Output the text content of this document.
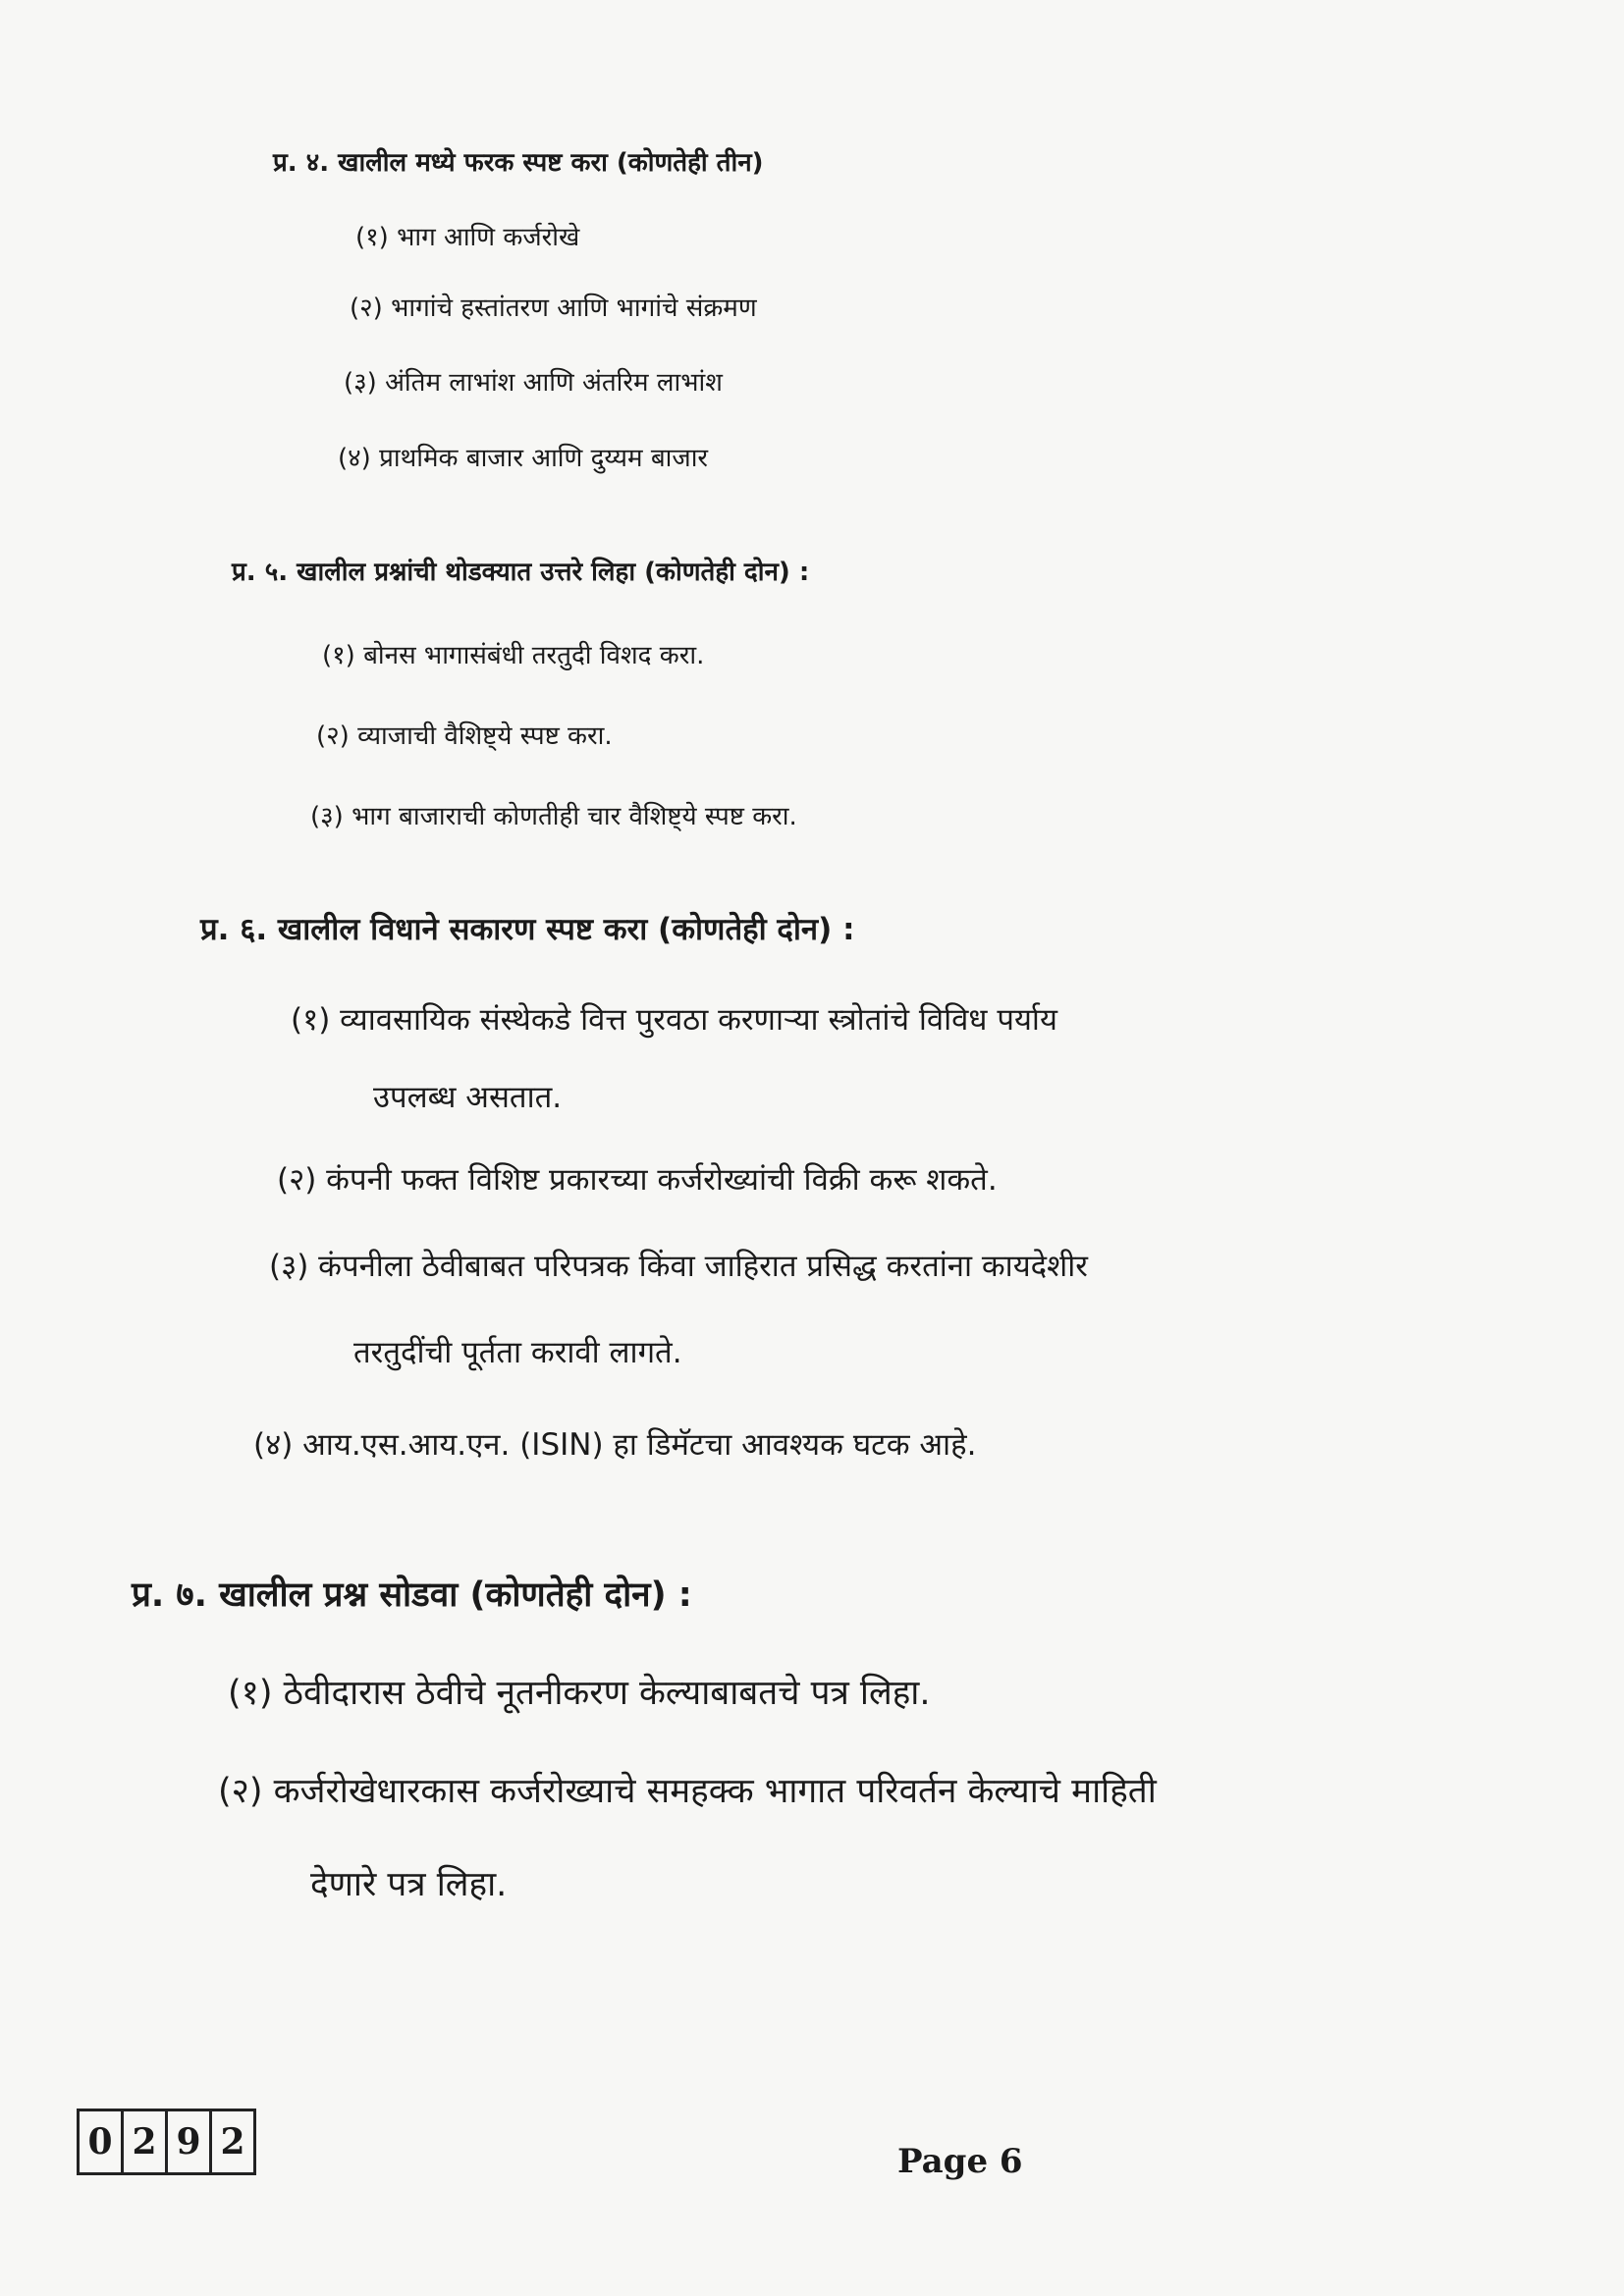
प्र. ४. खालील मध्ये फरक स्पष्ट करा (कोणतेही तीन)
(१) भाग आणि कर्जरोखे
(२) भागांचे हस्तांतरण आणि भागांचे संक्रमण
(३) अंतिम लाभांश आणि अंतरिम लाभांश
(४) प्राथमिक बाजार आणि दुय्यम बाजार
प्र. ५. खालील प्रश्नांची थोडक्यात उत्तरे लिहा (कोणतेही दोन) :
(१) बोनस भागासंबंधी तरतुदी विशद करा.
(२) व्याजाची वैशिष्ट्ये स्पष्ट करा.
(३) भाग बाजाराची कोणतीही चार वैशिष्ट्ये स्पष्ट करा.
प्र. ६. खालील विधाने सकारण स्पष्ट करा (कोणतेही दोन) :
(१) व्यावसायिक संस्थेकडे वित्त पुरवठा करणाऱ्या स्त्रोतांचे विविध पर्याय
उपलब्ध असतात.
(२) कंपनी फक्त विशिष्ट प्रकारच्या कर्जरोख्यांची विक्री करू शकते.
(३) कंपनीला ठेवीबाबत परिपत्रक किंवा जाहिरात प्रसिद्ध करतांना कायदेशीर
तरतुदींची पूर्तता करावी लागते.
(४) आय.एस.आय.एन. (ISIN) हा डिमॅटचा आवश्यक घटक आहे.
प्र. ७. खालील प्रश्न सोडवा (कोणतेही दोन) :
(१) ठेवीदारास ठेवीचे नूतनीकरण केल्याबाबतचे पत्र लिहा.
(२) कर्जरोखेधारकास कर्जरोख्याचे समहक्क भागात परिवर्तन केल्याचे माहिती
देणारे पत्र लिहा.
0 2 9 2	Page 6
